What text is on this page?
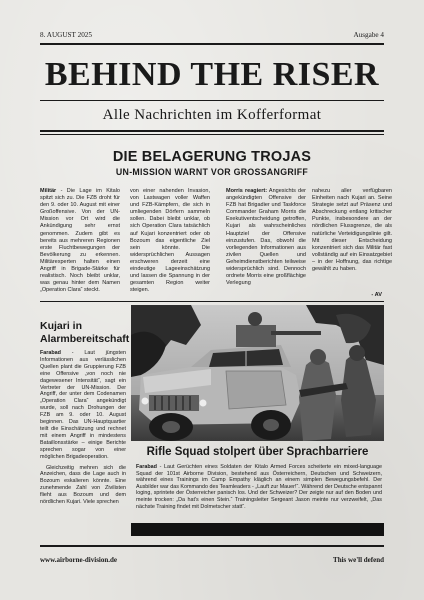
8. AUGUST 2025	Ausgabe 4
BEHIND THE RISER
Alle Nachrichten im Kofferformat
DIE BELAGERUNG TROJAS
UN-MISSION WARNT VOR GROSSANGRIFF
Militär - Die Lage im Kitalo spitzt sich zu. Die FZB droht für den 9. oder 10. August mit einer Großoffensive. Von der UN-Mission vor Ort wird die Ankündigung sehr ernst genommen. Zudem gibt es bereits aus mehreren Regionen erste Fluchtbewegungen der Bevölkerung zu erkennen. Militärexperten halten einen Angriff in Brigade-Stärke für realistisch. Noch bleibt unklar, was genau hinter dem Namen „Operation Clara“ steckt.
von einer nahenden Invasion, von Lastwagen voller Waffen und FZB-Kämpfern, die sich in umliegenden Dörfern sammeln sollen. Dabei bleibt unklar, ob sich Operation Clara tatsächlich auf Kujari konzentriert oder ob Bozoum das eigentliche Ziel sein könnte. Die widersprüchlichen Aussagen erschweren derzeit eine eindeutige Lageeinschätzung und lassen die Spannung in der gesamten Region weiter steigen.
Morris reagiert: Angesichts der angekündigten Offensive der FZB hat Brigadier und Taskforce Commander Graham Morris die Exekutiventscheidung getroffen, Kujari als wahrscheinliches Hauptziel der Offensive einzustufen. Das, obwohl die vorliegenden Informationen aus zivilen Quellen und Geheimdienstberichten teilweise widersprüchlich sind. Dennoch ordnete Morris eine großflächige Verlegung
nahezu aller verfügbaren Einheiten nach Kujari an. Seine Strategie setzt auf Präsenz und Abschreckung entlang kritischer Punkte, insbesondere an der nördlichen Flussgrenze, die als natürliche Verteidigungslinie gilt. Mit dieser Entscheidung konzentriert sich das Militär fast vollständig auf ein Einsatzgebiet – in der Hoffnung, das richtige gewählt zu haben.
- AV
Kujari in Alarmbereitschaft

Farabad - Laut jüngsten Informationen aus verlässlichen Quellen plant die Gruppierung FZB eine Offensive „von noch nie dagewesener Intensität“, sagt ein Vertreter der UN-Mission. Der Angriff, der unter dem Codenamen „Operation Clara“ angekündigt wurde, soll nach Drohungen der FZB am 9. oder 10. August beginnen. Das UN-Hauptquartier teilt die Einschätzung und rechnet mit einem Angriff in mindestens Bataillonsstärke – einige Berichte sprechen sogar von einer möglichen Brigadeoperation.

Gleichzeitig mehren sich die Anzeichen, dass die Lage auch in Bozoum eskalieren könnte. Eine zunehmende Zahl von Zivilisten flieht aus Bozoum und dem nördlichen Kujari. Viele sprechen

Rifle Squad stolpert über Sprachbarriere
Farabad - Laut Gerüchten eines Soldaten der Kitalo Armed Forces scheiterte ein mixed-language Squad der 101st Airborne Division, bestehend aus Österreichern, Deutschen und Schweizern, während eines Trainings im Camp Empathy kläglich an einem simplen Bewegungsbefehl. Der Ausbilder war das Kommando des Teamleaders - „Lauft zur Mauer!“. Während der Deutsche entspannt loging, sprintete der Österreicher panisch los. Und der Schweizer? Der zeigte nur auf den Boden und meinte trocken: „Da hat's einen Stein.“ Trainingsleiter Sergeant Jason meinte nur verzweifelt, „Das nächste Training findet mit Dolmetscher statt“.
www.airborne-division.de	This we'll defend
